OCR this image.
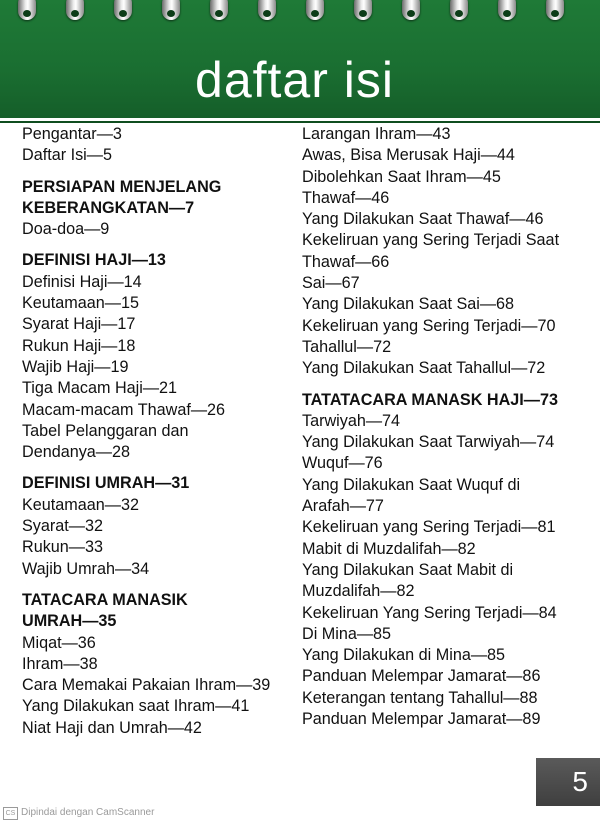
daftar isi
Pengantar—3
Daftar Isi—5
PERSIAPAN MENJELANG
KEBERANGKATAN—7
Doa-doa—9
DEFINISI HAJI—13
Definisi Haji—14
Keutamaan—15
Syarat Haji—17
Rukun Haji—18
Wajib Haji—19
Tiga Macam Haji—21
Macam-macam Thawaf—26
Tabel Pelanggaran dan
Dendanya—28
DEFINISI UMRAH—31
Keutamaan—32
Syarat—32
Rukun—33
Wajib Umrah—34
TATACARA MANASIK
UMRAH—35
Miqat—36
Ihram—38
Cara Memakai Pakaian Ihram—39
Yang Dilakukan saat Ihram—41
Niat Haji dan Umrah—42
Larangan Ihram—43
Awas, Bisa Merusak Haji—44
Dibolehkan Saat Ihram—45
Thawaf—46
Yang Dilakukan Saat Thawaf—46
Kekeliruan yang Sering Terjadi Saat
Thawaf—66
Sai—67
Yang Dilakukan Saat Sai—68
Kekeliruan yang Sering Terjadi—70
Tahallul—72
Yang Dilakukan Saat Tahallul—72
TATATACARA MANASK HAJI—73
Tarwiyah—74
Yang Dilakukan Saat Tarwiyah—74
Wuquf—76
Yang Dilakukan Saat Wuquf di
Arafah—77
Kekeliruan yang Sering Terjadi—81
Mabit di Muzdalifah—82
Yang Dilakukan Saat Mabit di
Muzdalifah—82
Kekeliruan Yang Sering Terjadi—84
Di Mina—85
Yang Dilakukan di Mina—85
Panduan Melempar Jamarat—86
Keterangan tentang Tahallul—88
Panduan Melempar Jamarat—89
5
CS Dipindai dengan CamScanner
